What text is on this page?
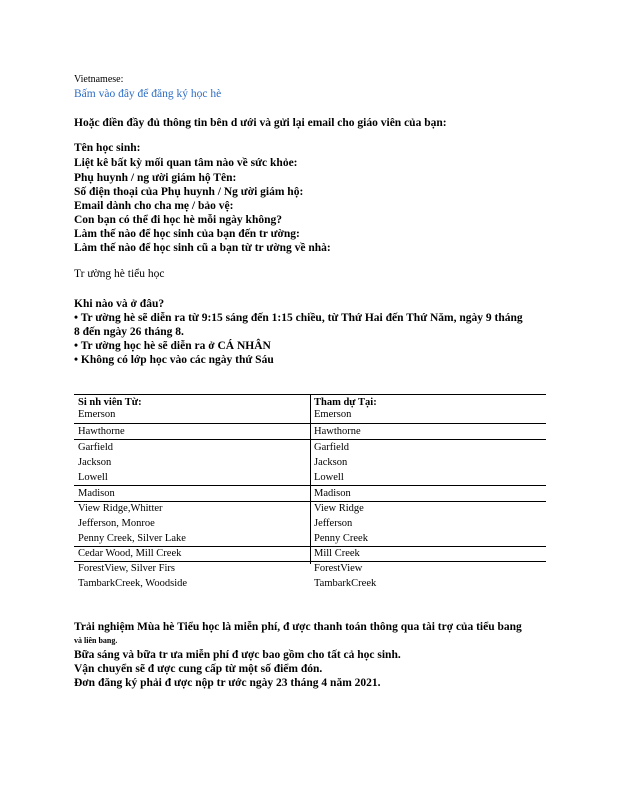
Vietnamese:
Bấm vào đây để đăng ký học hè
Hoặc điền đầy đủ thông tin bên d ưới và gửi lại email cho giáo viên của bạn:
Tên học sinh:
Liệt kê bất kỳ mối quan tâm nào về sức khỏe:
Phụ huynh / ng ười giám hộ Tên:
Số điện thoại của Phụ huynh / Ng ười giám hộ:
Email dành cho cha mẹ / bảo vệ:
Con bạn có thể đi học hè mỗi ngày không?
Làm thế nào để học sinh của bạn đến tr ường:
Làm thế nào để học sinh cũ a bạn từ tr ường về nhà:
Tr ường hè tiểu học
Khi nào và ở đâu?
• Tr ường hè sẽ diễn ra từ 9:15 sáng đến 1:15 chiều, từ Thứ Hai đến Thứ Năm, ngày 9 tháng
8 đến ngày 26 tháng 8.
• Tr ường học hè sẽ diễn ra ở CÁ NHÂN
• Không có lớp học vào các ngày thứ Sáu
Si nh viên Từ:	Tham dự Tại:
Emerson	Emerson
Hawthorne	Hawthorne
Garfield	Garfield
Jackson	Jackson
Lowell	Lowell
Madison	Madison
View Ridge,Whitter	View Ridge
Jefferson, Monroe	Jefferson
Penny Creek, Silver Lake	Penny Creek
Cedar Wood, Mill Creek	Mill Creek
ForestView, Silver Firs	ForestView
TambarkCreek, Woodside	TambarkCreek
Trải nghiệm Mùa hè Tiểu học là miễn phí, đ ược thanh toán thông qua tài trợ của tiểu bang
và liên bang.
Bữa sáng và bữa tr ưa miễn phí đ ược bao gồm cho tất cả học sinh.
Vận chuyển sẽ đ ược cung cấp từ một số điểm đón.
Đơn đăng ký phải đ ược nộp tr ước ngày 23 tháng 4 năm 2021.
